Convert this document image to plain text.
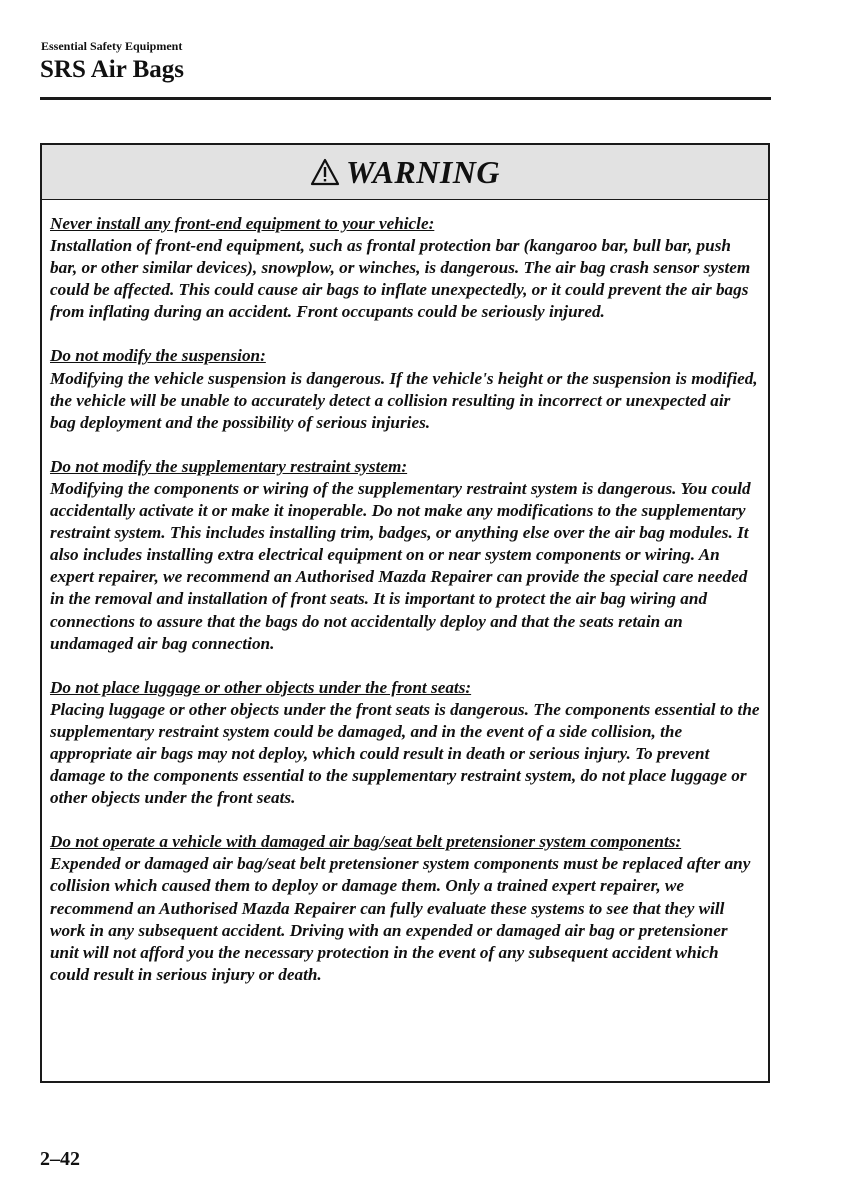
Essential Safety Equipment
SRS Air Bags
WARNING
Never install any front-end equipment to your vehicle:
Installation of front-end equipment, such as frontal protection bar (kangaroo bar, bull bar, push bar, or other similar devices), snowplow, or winches, is dangerous. The air bag crash sensor system could be affected. This could cause air bags to inflate unexpectedly, or it could prevent the air bags from inflating during an accident. Front occupants could be seriously injured.
Do not modify the suspension:
Modifying the vehicle suspension is dangerous. If the vehicle's height or the suspension is modified, the vehicle will be unable to accurately detect a collision resulting in incorrect or unexpected air bag deployment and the possibility of serious injuries.
Do not modify the supplementary restraint system:
Modifying the components or wiring of the supplementary restraint system is dangerous. You could accidentally activate it or make it inoperable. Do not make any modifications to the supplementary restraint system. This includes installing trim, badges, or anything else over the air bag modules. It also includes installing extra electrical equipment on or near system components or wiring. An expert repairer, we recommend an Authorised Mazda Repairer can provide the special care needed in the removal and installation of front seats. It is important to protect the air bag wiring and connections to assure that the bags do not accidentally deploy and that the seats retain an undamaged air bag connection.
Do not place luggage or other objects under the front seats:
Placing luggage or other objects under the front seats is dangerous. The components essential to the supplementary restraint system could be damaged, and in the event of a side collision, the appropriate air bags may not deploy, which could result in death or serious injury. To prevent damage to the components essential to the supplementary restraint system, do not place luggage or other objects under the front seats.
Do not operate a vehicle with damaged air bag/seat belt pretensioner system components:
Expended or damaged air bag/seat belt pretensioner system components must be replaced after any collision which caused them to deploy or damage them. Only a trained expert repairer, we recommend an Authorised Mazda Repairer can fully evaluate these systems to see that they will work in any subsequent accident. Driving with an expended or damaged air bag or pretensioner unit will not afford you the necessary protection in the event of any subsequent accident which could result in serious injury or death.
2–42
